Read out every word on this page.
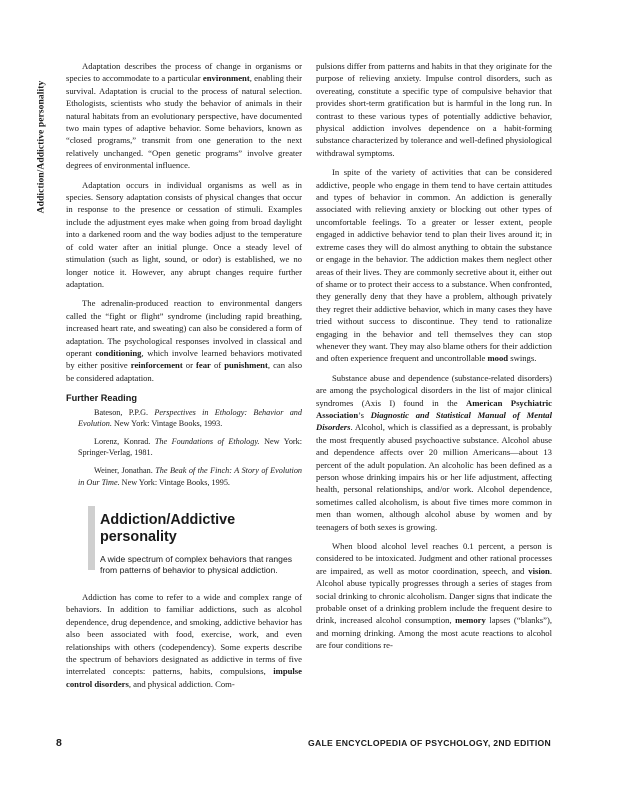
Addiction/Addictive personality

Adaptation describes the process of change in organisms or species to accommodate to a particular environment, enabling their survival. Adaptation is crucial to the process of natural selection. Ethologists, scientists who study the behavior of animals in their natural habitats from an evolutionary perspective, have documented two main types of adaptive behavior. Some behaviors, known as “closed programs,” transmit from one generation to the next relatively unchanged. “Open genetic programs” involve greater degrees of environmental influence.

Adaptation occurs in individual organisms as well as in species. Sensory adaptation consists of physical changes that occur in response to the presence or cessation of stimuli. Examples include the adjustment eyes make when going from broad daylight into a darkened room and the way bodies adjust to the temperature of cold water after an initial plunge. Once a steady level of stimulation (such as light, sound, or odor) is established, we no longer notice it. However, any abrupt changes require further adaptation.

The adrenalin-produced reaction to environmental dangers called the “fight or flight” syndrome (including rapid breathing, increased heart rate, and sweating) can also be considered a form of adaptation. The psychological responses involved in classical and operant conditioning, which involve learned behaviors motivated by either positive reinforcement or fear of punishment, can also be considered adaptation.

Further Reading

Bateson, P.P.G. Perspectives in Ethology: Behavior and Evolution. New York: Vintage Books, 1993.

Lorenz, Konrad. The Foundations of Ethology. New York: Springer-Verlag, 1981.

Weiner, Jonathan. The Beak of the Finch: A Story of Evolution in Our Time. New York: Vintage Books, 1995.

Addiction/Addictive personality
A wide spectrum of complex behaviors that ranges from patterns of behavior to physical addiction.

Addiction has come to refer to a wide and complex range of behaviors. In addition to familiar addictions, such as alcohol dependence, drug dependence, and smoking, addictive behavior has also been associated with food, exercise, work, and even relationships with others (codependency). Some experts describe the spectrum of behaviors designated as addictive in terms of five interrelated concepts: patterns, habits, compulsions, impulse control disorders, and physical addiction. Com-

pulsions differ from patterns and habits in that they originate for the purpose of relieving anxiety. Impulse control disorders, such as overeating, constitute a specific type of compulsive behavior that provides short-term gratification but is harmful in the long run. In contrast to these various types of potentially addictive behavior, physical addiction involves dependence on a habit-forming substance characterized by tolerance and well-defined physiological withdrawal symptoms.

In spite of the variety of activities that can be considered addictive, people who engage in them tend to have certain attitudes and types of behavior in common. An addiction is generally associated with relieving anxiety or blocking out other types of uncomfortable feelings. To a greater or lesser extent, people engaged in addictive behavior tend to plan their lives around it; in extreme cases they will do almost anything to obtain the substance or engage in the behavior. The addiction makes them neglect other areas of their lives. They are commonly secretive about it, either out of shame or to protect their access to a substance. When confronted, they generally deny that they have a problem, although privately they regret their addictive behavior, which in many cases they have tried without success to discontinue. They tend to rationalize engaging in the behavior and tell themselves they can stop whenever they want. They may also blame others for their addiction and often experience frequent and uncontrollable mood swings.

Substance abuse and dependence (substance-related disorders) are among the psychological disorders in the list of major clinical syndromes (Axis I) found in the American Psychiatric Association’s Diagnostic and Statistical Manual of Mental Disorders. Alcohol, which is classified as a depressant, is probably the most frequently abused psychoactive substance. Alcohol abuse and dependence affects over 20 million Americans—about 13 percent of the adult population. An alcoholic has been defined as a person whose drinking impairs his or her life adjustment, affecting health, personal relationships, and/or work. Alcohol dependence, sometimes called alcoholism, is about five times more common in men than women, although alcohol abuse by women and by teenagers of both sexes is growing.

When blood alcohol level reaches 0.1 percent, a person is considered to be intoxicated. Judgment and other rational processes are impaired, as well as motor coordination, speech, and vision. Alcohol abuse typically progresses through a series of stages from social drinking to chronic alcoholism. Danger signs that indicate the probable onset of a drinking problem include the frequent desire to drink, increased alcohol consumption, memory lapses (“blanks”), and morning drinking. Among the most acute reactions to alcohol are four conditions re-

8	GALE ENCYCLOPEDIA OF PSYCHOLOGY, 2ND EDITION
